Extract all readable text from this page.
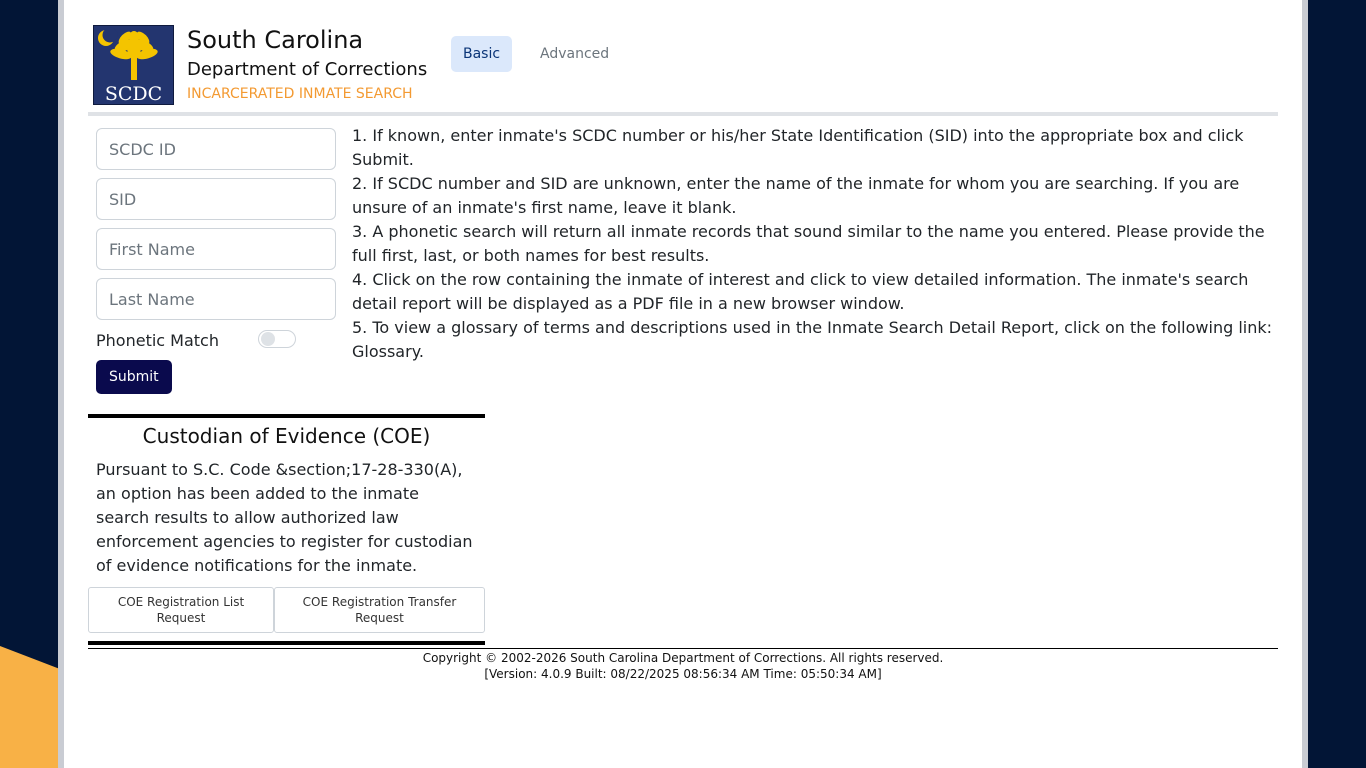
SCDC
South Carolina
Department of Corrections
INCARCERATED INMATE SEARCH
Basic	Advanced
SCDC ID
SID
First Name
Last Name
Phonetic Match
Submit

1. If known, enter inmate's SCDC number or his/her State Identification (SID) into the appropriate box and click Submit.

2. If SCDC number and SID are unknown, enter the name of the inmate for whom you are searching. If you are unsure of an inmate's first name, leave it blank.

3. A phonetic search will return all inmate records that sound similar to the name you entered. Please provide the full first, last, or both names for best results.

4. Click on the row containing the inmate of interest and click to view detailed information. The inmate's search detail report will be displayed as a PDF file in a new browser window.

5. To view a glossary of terms and descriptions used in the Inmate Search Detail Report, click on the following link: Glossary.

Custodian of Evidence (COE)
Pursuant to S.C. Code &section;17-28-330(A), an option has been added to the inmate search results to allow authorized law enforcement agencies to register for custodian of evidence notifications for the inmate.
COE Registration List Request
COE Registration Transfer Request
Copyright © 2002-2026 South Carolina Department of Corrections. All rights reserved.
[Version: 4.0.9 Built: 08/22/2025 08:56:34 AM Time: 05:50:34 AM]
